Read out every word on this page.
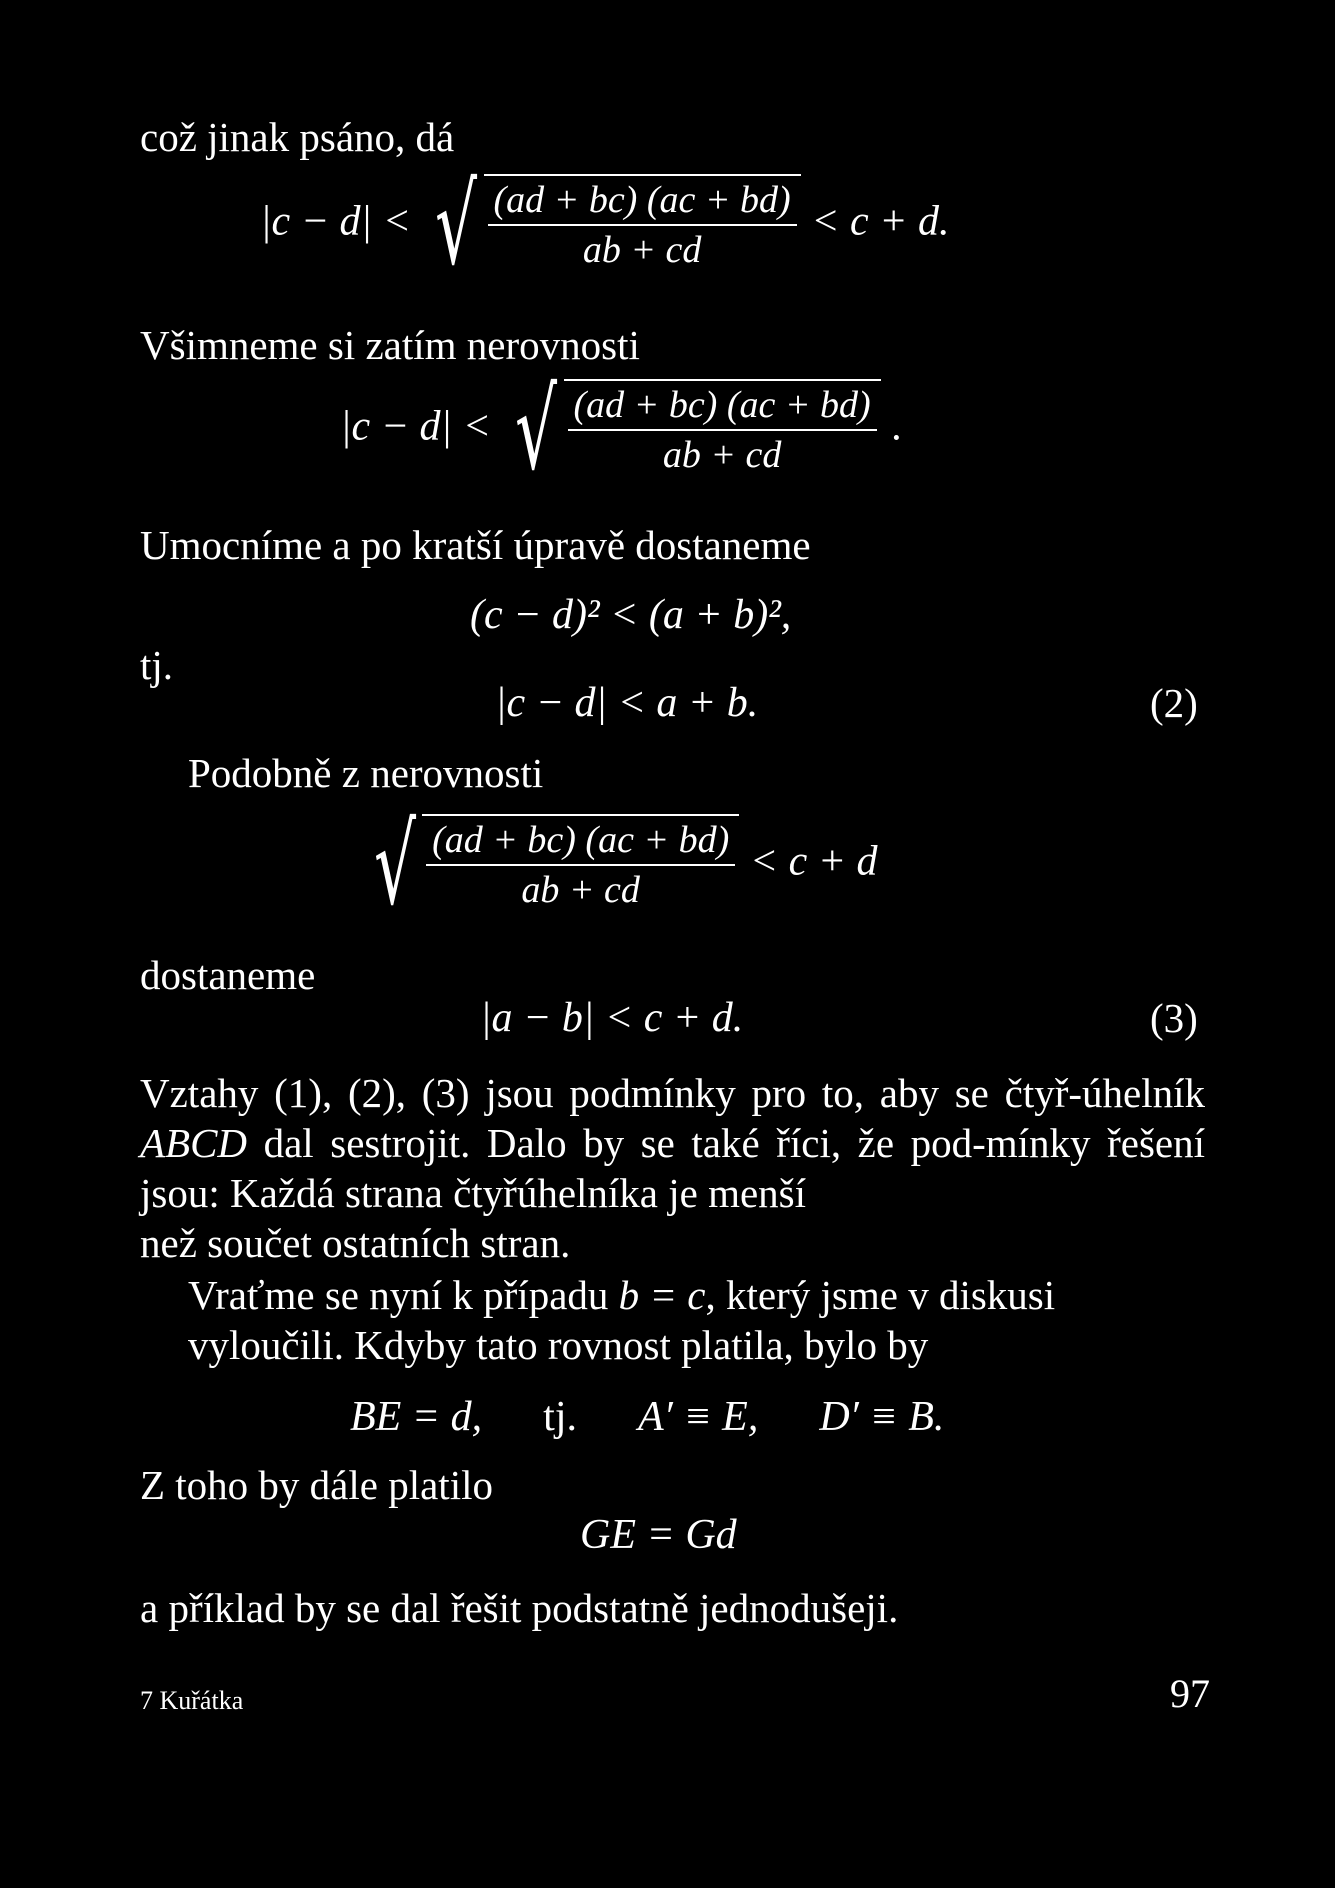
což jinak psáno, dá

|c − d| < √ $\frac{(ad + bc) (ac + bd)}{ab + cd} < c + d$.

Všimneme si zatím nerovnosti

|c − d| < √ $\frac{(ad + bc) (ac + bd)}{ab + cd}$ .

Umocníme a po kratší úpravě dostaneme

(c − d)² < (a + b)²,

tj.

|c − d| < a + b.	(2)

Podobně z nerovnosti

√ $\frac{(ad + bc) (ac + bd)}{ab + cd} < c + d$

dostaneme

|a − b| < c + d.	(3)

Vztahy (1), (2), (3) jsou podmínky pro to, aby se čtyř-úhelník ABCD dal sestrojit. Dalo by se také říci, že pod-mínky řešení jsou: Každá strana čtyřúhelníka je menší
než součet ostatních stran.

Vraťme se nyní k případu b = c, který jsme v diskusi
vyloučili. Kdyby tato rovnost platila, bylo by

BE = d, tj. A′ ≡ E, D′ ≡ B.

Z toho by dále platilo

GE = Gd

a příklad by se dal řešit podstatně jednodušeji.

7 Kuřátka	97
